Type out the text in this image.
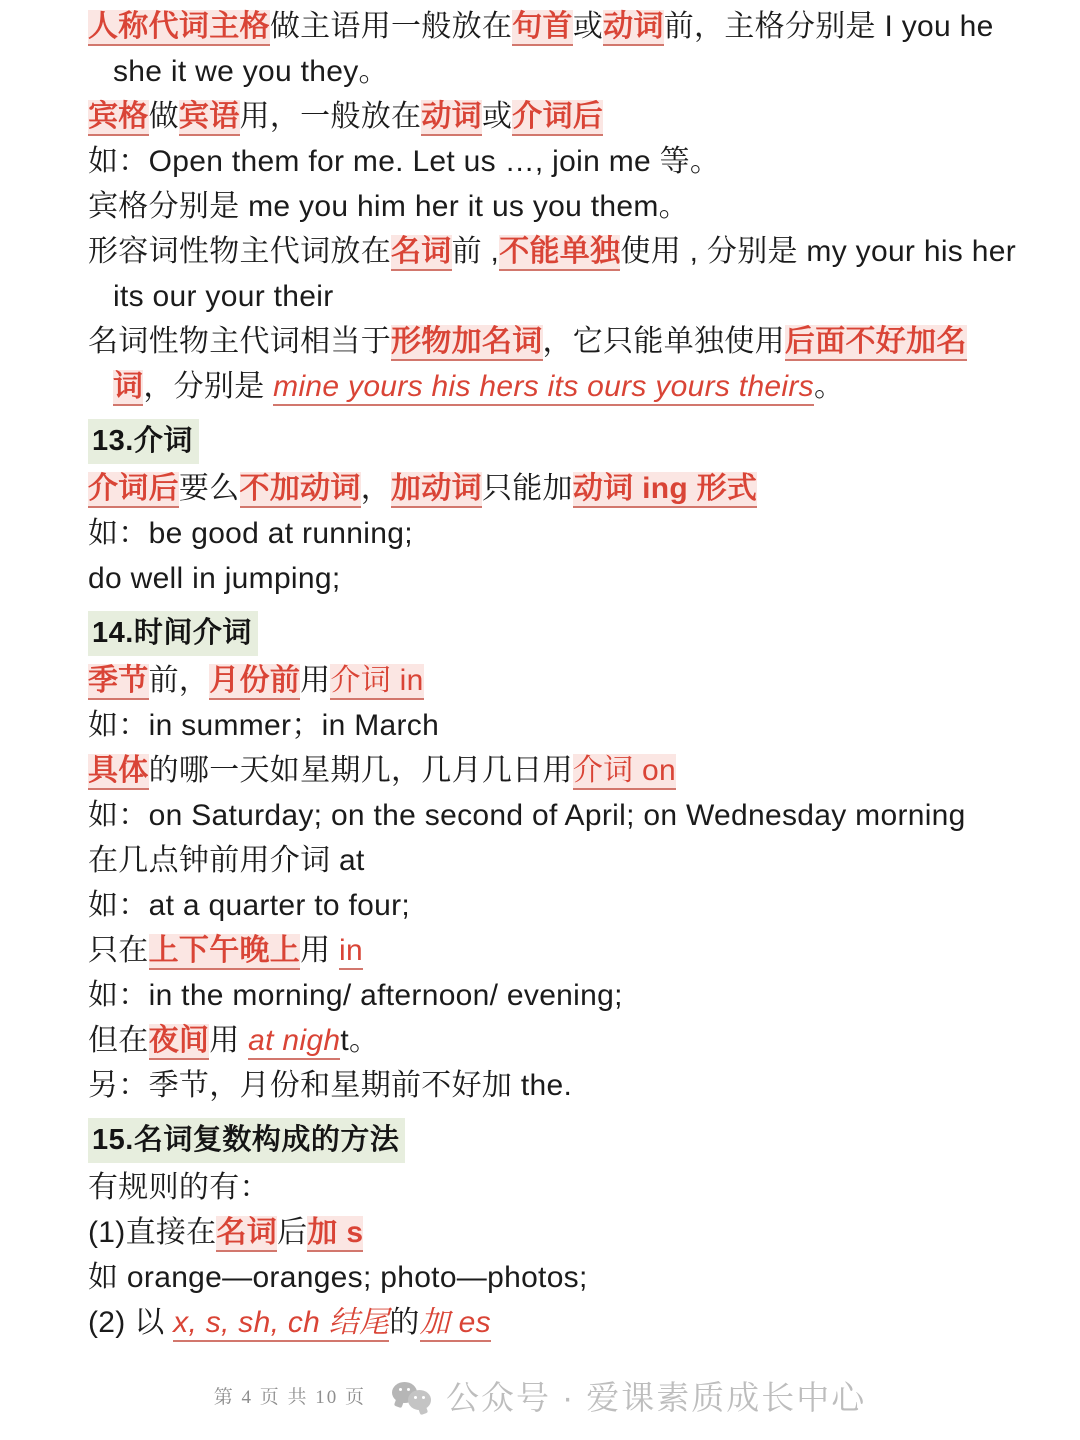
人称代词主格做主语用一般放在句首或动词前，主格分别是 I you he she it we you they。

宾格做宾语用，一般放在动词或介词后

如：Open them for me. Let us …, join me 等。

宾格分别是 me you him her it us you them。

形容词性物主代词放在名词前 ,不能单独使用 , 分别是 my your his her its our your their

名词性物主代词相当于形物加名词，它只能单独使用后面不好加名词，分别是 mine yours his hers its ours yours theirs。

13.介词

介词后要么不加动词，加动词只能加动词 ing 形式

如：be good at running;

do well in jumping;

14.时间介词

季节前，月份前用介词 in

如：in summer；in March

具体的哪一天如星期几，几月几日用介词 on

如：on Saturday; on the second of April; on Wednesday morning

在几点钟前用介词 at

如：at a quarter to four;

只在上下午晚上用 in

如：in the morning/ afternoon/ evening;

但在夜间用 at night。

另：季节，月份和星期前不好加 the.

15.名词复数构成的方法

有规则的有：

(1)直接在名词后加 s

如 orange—oranges; photo—photos;

(2) 以 x, s, sh, ch 结尾的加 es

第 4 页 共 10 页 公众号 · 爱课素质成长中心
